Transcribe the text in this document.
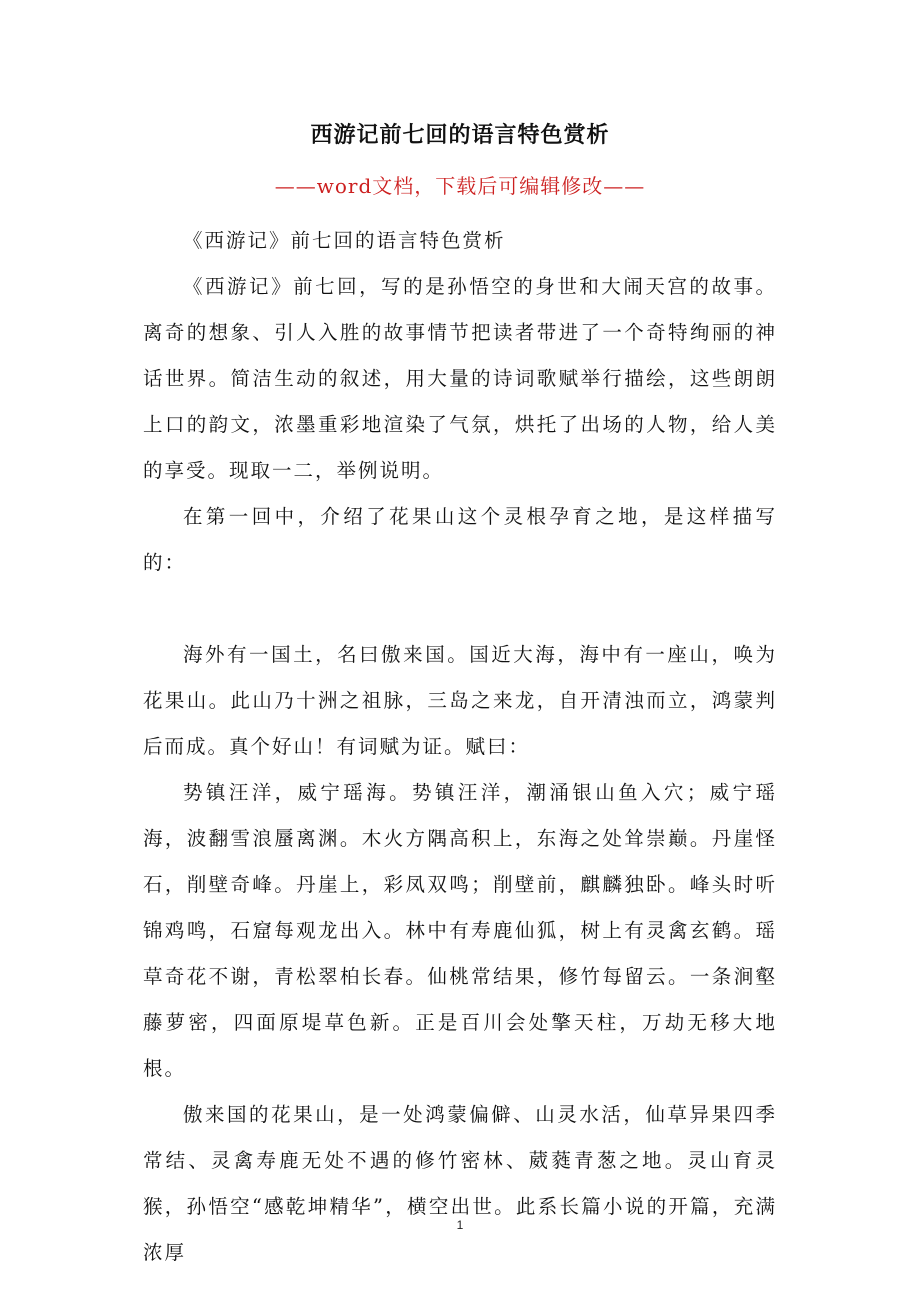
西游记前七回的语言特色赏析
——word文档，下载后可编辑修改——

《西游记》前七回的语言特色赏析

《西游记》前七回，写的是孙悟空的身世和大闹天宫的故事。离奇的想象、引人入胜的故事情节把读者带进了一个奇特绚丽的神话世界。简洁生动的叙述，用大量的诗词歌赋举行描绘，这些朗朗上口的韵文，浓墨重彩地渲染了气氛，烘托了出场的人物，给人美的享受。现取一二，举例说明。

在第一回中，介绍了花果山这个灵根孕育之地，是这样描写的：

海外有一国土，名曰傲来国。国近大海，海中有一座山，唤为花果山。此山乃十洲之祖脉，三岛之来龙，自开清浊而立，鸿蒙判后而成。真个好山！有词赋为证。赋曰：

势镇汪洋，威宁瑶海。势镇汪洋，潮涌银山鱼入穴；威宁瑶海，波翻雪浪蜃离渊。木火方隅高积上，东海之处耸崇巅。丹崖怪石，削壁奇峰。丹崖上，彩凤双鸣；削壁前，麒麟独卧。峰头时听锦鸡鸣，石窟每观龙出入。林中有寿鹿仙狐，树上有灵禽玄鹤。瑶草奇花不谢，青松翠柏长春。仙桃常结果，修竹每留云。一条涧壑藤萝密，四面原堤草色新。正是百川会处擎天柱，万劫无移大地根。

傲来国的花果山，是一处鸿蒙偏僻、山灵水活，仙草异果四季常结、灵禽寿鹿无处不遇的修竹密林、葳蕤青葱之地。灵山育灵猴，孙悟空“感乾坤精华”，横空出世。此系长篇小说的开篇，充满浓厚

1
